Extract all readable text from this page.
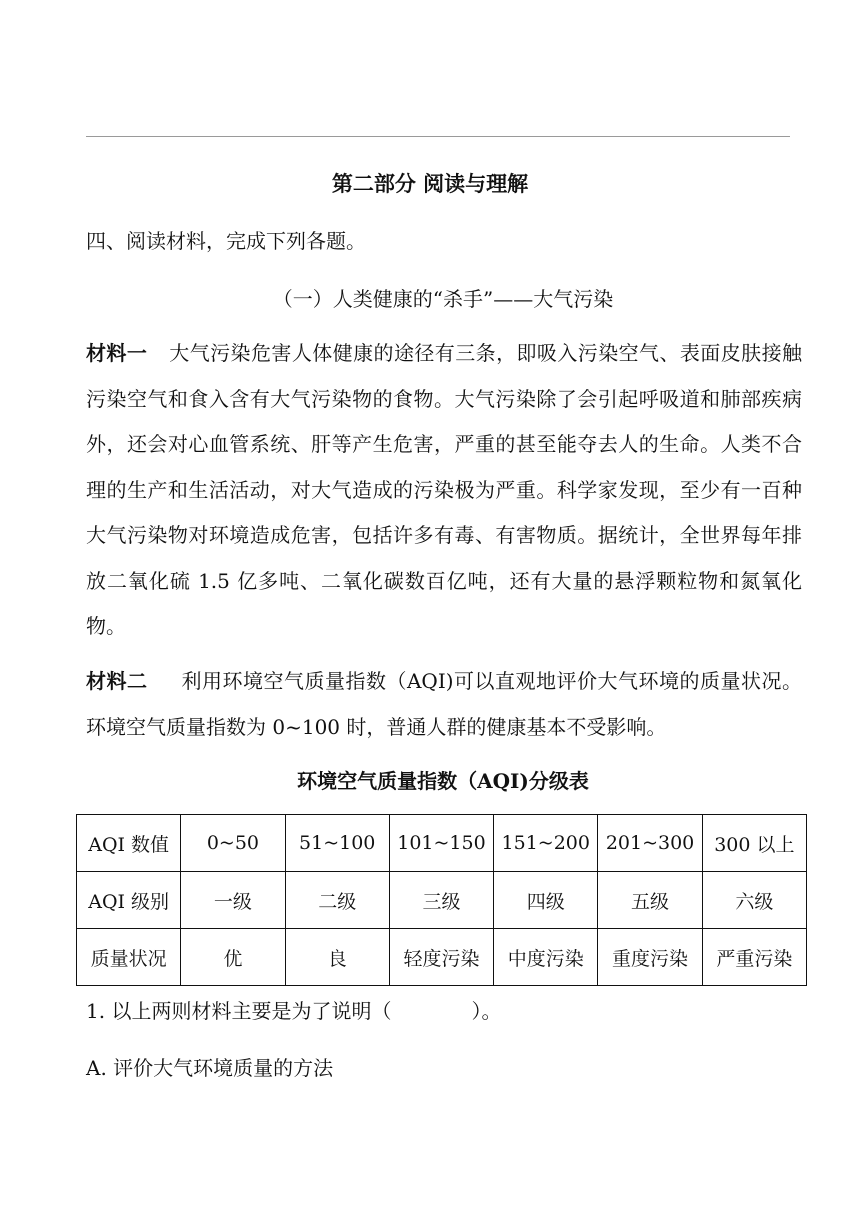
第二部分 阅读与理解
四、阅读材料，完成下列各题。
（一）人类健康的“杀手”——大气污染
材料一 大气污染危害人体健康的途径有三条，即吸入污染空气、表面皮肤接触污染空气和食入含有大气污染物的食物。大气污染除了会引起呼吸道和肺部疾病外，还会对心血管系统、肝等产生危害，严重的甚至能夺去人的生命。人类不合理的生产和生活活动，对大气造成的污染极为严重。科学家发现，至少有一百种大气污染物对环境造成危害，包括许多有毒、有害物质。据统计，全世界每年排放二氧化硫 1.5 亿多吨、二氧化碳数百亿吨，还有大量的悬浮颗粒物和氮氧化物。
材料二 利用环境空气质量指数（AQI)可以直观地评价大气环境的质量状况。环境空气质量指数为 0~100 时，普通人群的健康基本不受影响。
环境空气质量指数（AQI)分级表
AQI 数值	0~50	51~100	101~150	151~200	201~300	300 以上
AQI 级别	一级	二级	三级	四级	五级	六级
质量状况	优	良	轻度污染	中度污染	重度污染	严重污染
1. 以上两则材料主要是为了说明（　　　　）。
A. 评价大气环境质量的方法
